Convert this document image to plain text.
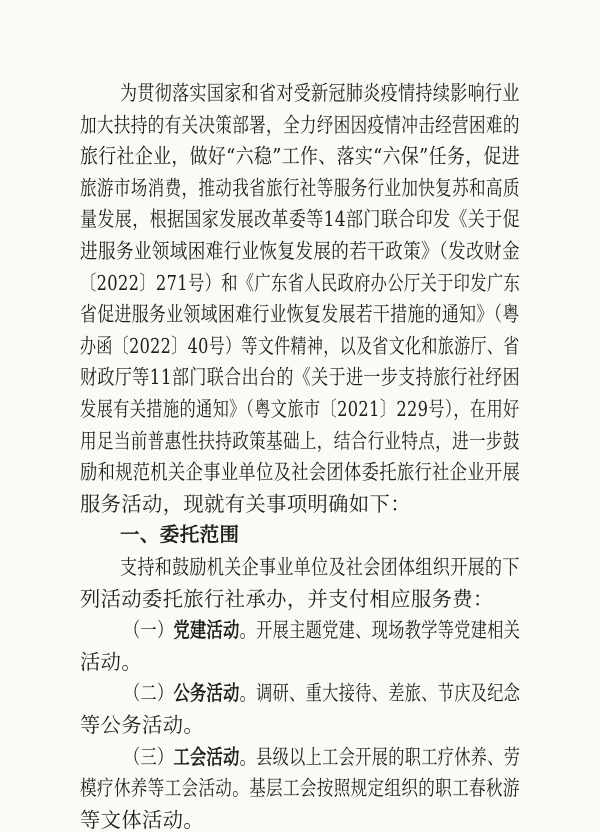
为贯彻落实国家和省对受新冠肺炎疫情持续影响行业
加大扶持的有关决策部署，全力纾困因疫情冲击经营困难的
旅行社企业，做好“六稳”工作、落实“六保”任务，促进
旅游市场消费，推动我省旅行社等服务行业加快复苏和高质
量发展，根据国家发展改革委等14部门联合印发《关于促
进服务业领域困难行业恢复发展的若干政策》（发改财金
〔2022〕271号）和《广东省人民政府办公厅关于印发广东
省促进服务业领域困难行业恢复发展若干措施的通知》（粤
办函〔2022〕40号）等文件精神，以及省文化和旅游厅、省
财政厅等11部门联合出台的《关于进一步支持旅行社纾困
发展有关措施的通知》（粤文旅市〔2021〕229号），在用好
用足当前普惠性扶持政策基础上，结合行业特点，进一步鼓
励和规范机关企事业单位及社会团体委托旅行社企业开展
服务活动，现就有关事项明确如下：
一、委托范围
支持和鼓励机关企事业单位及社会团体组织开展的下
列活动委托旅行社承办，并支付相应服务费：
（一）党建活动。开展主题党建、现场教学等党建相关
活动。
（二）公务活动。调研、重大接待、差旅、节庆及纪念
等公务活动。
（三）工会活动。县级以上工会开展的职工疗休养、劳
模疗休养等工会活动。基层工会按照规定组织的职工春秋游
等文体活动。
